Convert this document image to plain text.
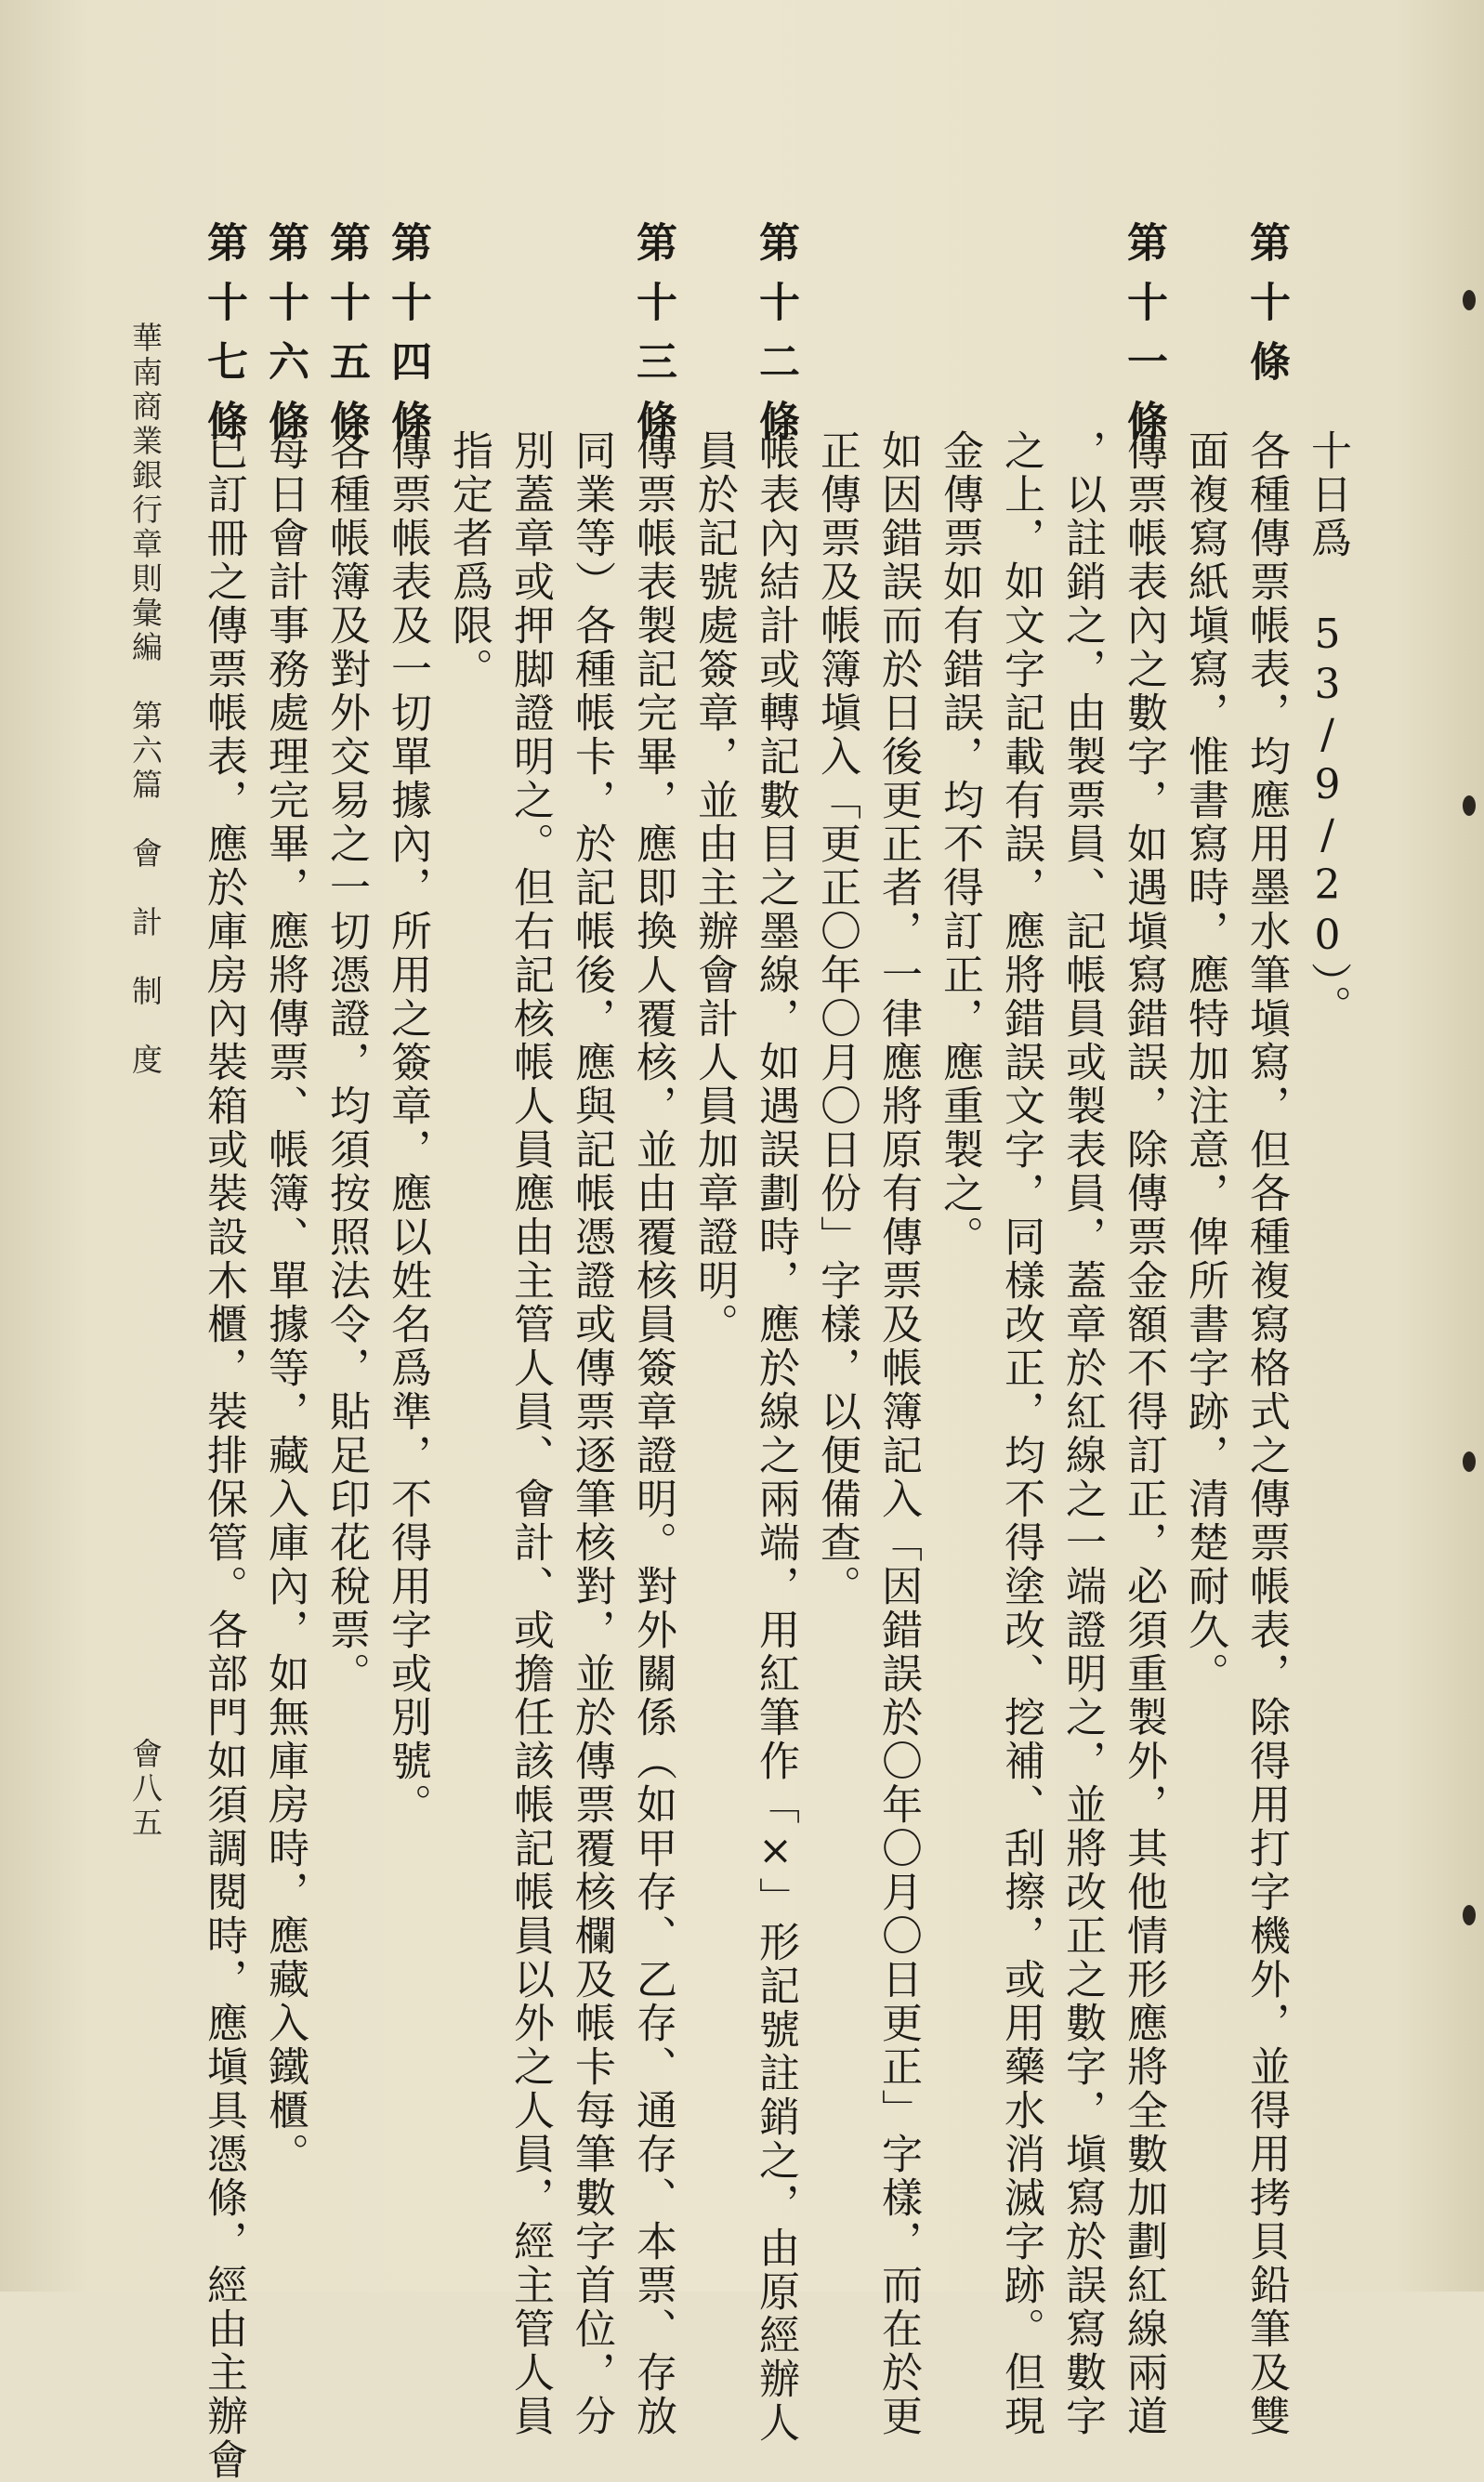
第十條
十日爲 53/9/20）。
各種傳票帳表，均應用墨水筆塡寫，但各種複寫格式之傳票帳表，除得用打字機外，並得用拷貝鉛筆及雙
面複寫紙塡寫，惟書寫時，應特加注意，俾所書字跡，清楚耐久。
第十一條
傳票帳表內之數字，如遇塡寫錯誤，除傳票金額不得訂正，必須重製外，其他情形應將全數加劃紅線兩道
，以註銷之，由製票員、記帳員或製表員，蓋章於紅線之一端證明之，並將改正之數字，塡寫於誤寫數字
之上，如文字記載有誤，應將錯誤文字，同樣改正，均不得塗改、挖補、刮擦，或用藥水消滅字跡。但現
金傳票如有錯誤，均不得訂正，應重製之。
如因錯誤而於日後更正者，一律應將原有傳票及帳簿記入「因錯誤於〇年〇月〇日更正」字樣，而在於更
正傳票及帳簿塡入「更正〇年〇月〇日份」字樣，以便備查。
第十二條
帳表內結計或轉記數目之墨線，如遇誤劃時，應於線之兩端，用紅筆作「×」形記號註銷之，由原經辦人
員於記號處簽章，並由主辦會計人員加章證明。
第十三條
傳票帳表製記完畢，應即換人覆核，並由覆核員簽章證明。對外關係（如甲存、乙存、通存、本票、存放
同業等）各種帳卡，於記帳後，應與記帳憑證或傳票逐筆核對，並於傳票覆核欄及帳卡每筆數字首位，分
別蓋章或押脚證明之。但右記核帳人員應由主管人員、會計、或擔任該帳記帳員以外之人員，經主管人員
指定者爲限。
第十四條
傳票帳表及一切單據內，所用之簽章，應以姓名爲準，不得用字或別號。
第十五條
各種帳簿及對外交易之一切憑證，均須按照法令，貼足印花稅票。
第十六條
每日會計事務處理完畢，應將傳票、帳簿、單據等，藏入庫內，如無庫房時，應藏入鐵櫃。
第十七條
已訂冊之傳票帳表，應於庫房內裝箱或裝設木櫃，裝排保管。各部門如須調閱時，應塡具憑條，經由主辦會
華南商業銀行章則彙編　第六篇　會　計　制　度
會八五
